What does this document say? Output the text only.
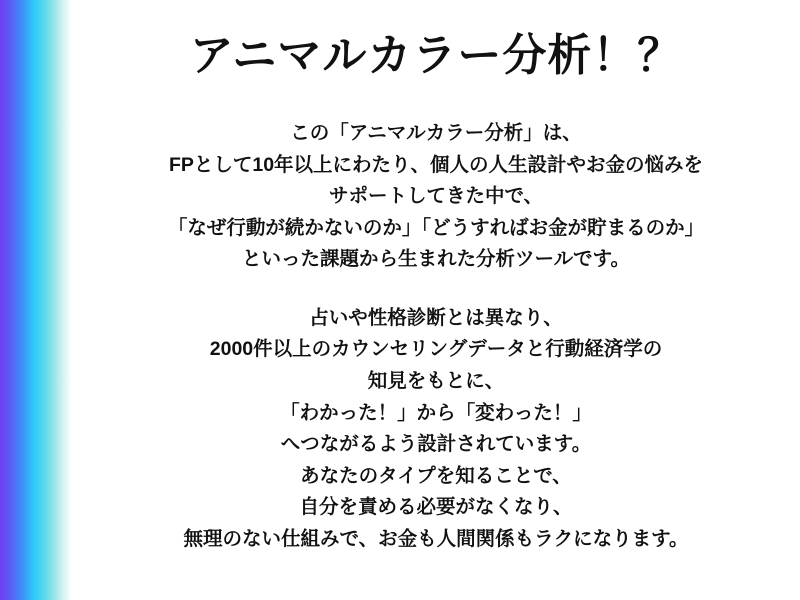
アニマルカラー分析！？

この「アニマルカラー分析」は、
FPとして10年以上にわたり、個人の人生設計やお金の悩みを
サポートしてきた中で、
「なぜ行動が続かないのか」「どうすればお金が貯まるのか」
といった課題から生まれた分析ツールです。

占いや性格診断とは異なり、
2000件以上のカウンセリングデータと行動経済学の
知見をもとに、
「わかった！」から「変わった！」
へつながるよう設計されています。
あなたのタイプを知ることで、
自分を責める必要がなくなり、
無理のない仕組みで、お金も人間関係もラクになります。
